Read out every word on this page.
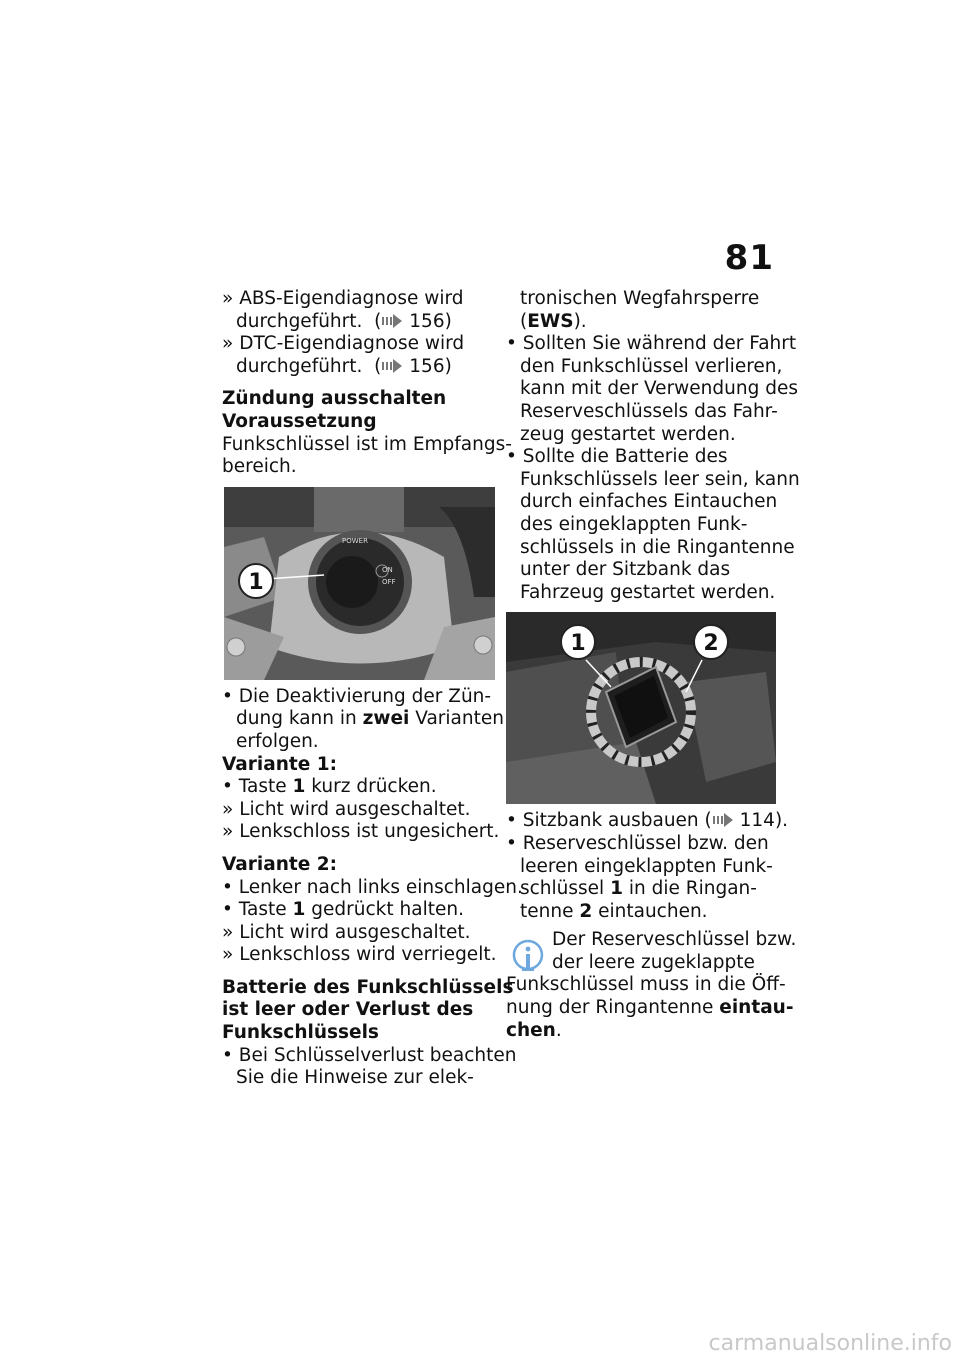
81
» ABS-Eigendiagnose wird
durchgeführt.  ( 156)
» DTC-Eigendiagnose wird
durchgeführt.  ( 156)
Zündung ausschalten
Voraussetzung
Funkschlüssel ist im Empfangs-
bereich.
POWER
ON
OFF
1
• Die Deaktivierung der Zün-
dung kann in zwei Varianten
erfolgen.
Variante 1:
• Taste 1 kurz drücken.
» Licht wird ausgeschaltet.
» Lenkschloss ist ungesichert.
Variante 2:
• Lenker nach links einschlagen.
• Taste 1 gedrückt halten.
» Licht wird ausgeschaltet.
» Lenkschloss wird verriegelt.
Batterie des Funkschlüssels
ist leer oder Verlust des
Funkschlüssels
• Bei Schlüsselverlust beachten
Sie die Hinweise zur elek-
tronischen Wegfahrsperre
(EWS).
• Sollten Sie während der Fahrt
den Funkschlüssel verlieren,
kann mit der Verwendung des
Reserveschlüssels das Fahr-
zeug gestartet werden.
• Sollte die Batterie des
Funkschlüssels leer sein, kann
durch einfaches Eintauchen
des eingeklappten Funk-
schlüssels in die Ringantenne
unter der Sitzbank das
Fahrzeug gestartet werden.
1	2
• Sitzbank ausbauen ( 114).
• Reserveschlüssel bzw. den
leeren eingeklappten Funk-
schlüssel 1 in die Ringan-
tenne 2 eintauchen.
Der Reserveschlüssel bzw.
der leere zugeklappte
Funkschlüssel muss in die Öff-
nung der Ringantenne eintau-
chen.
carmanualsonline.info
